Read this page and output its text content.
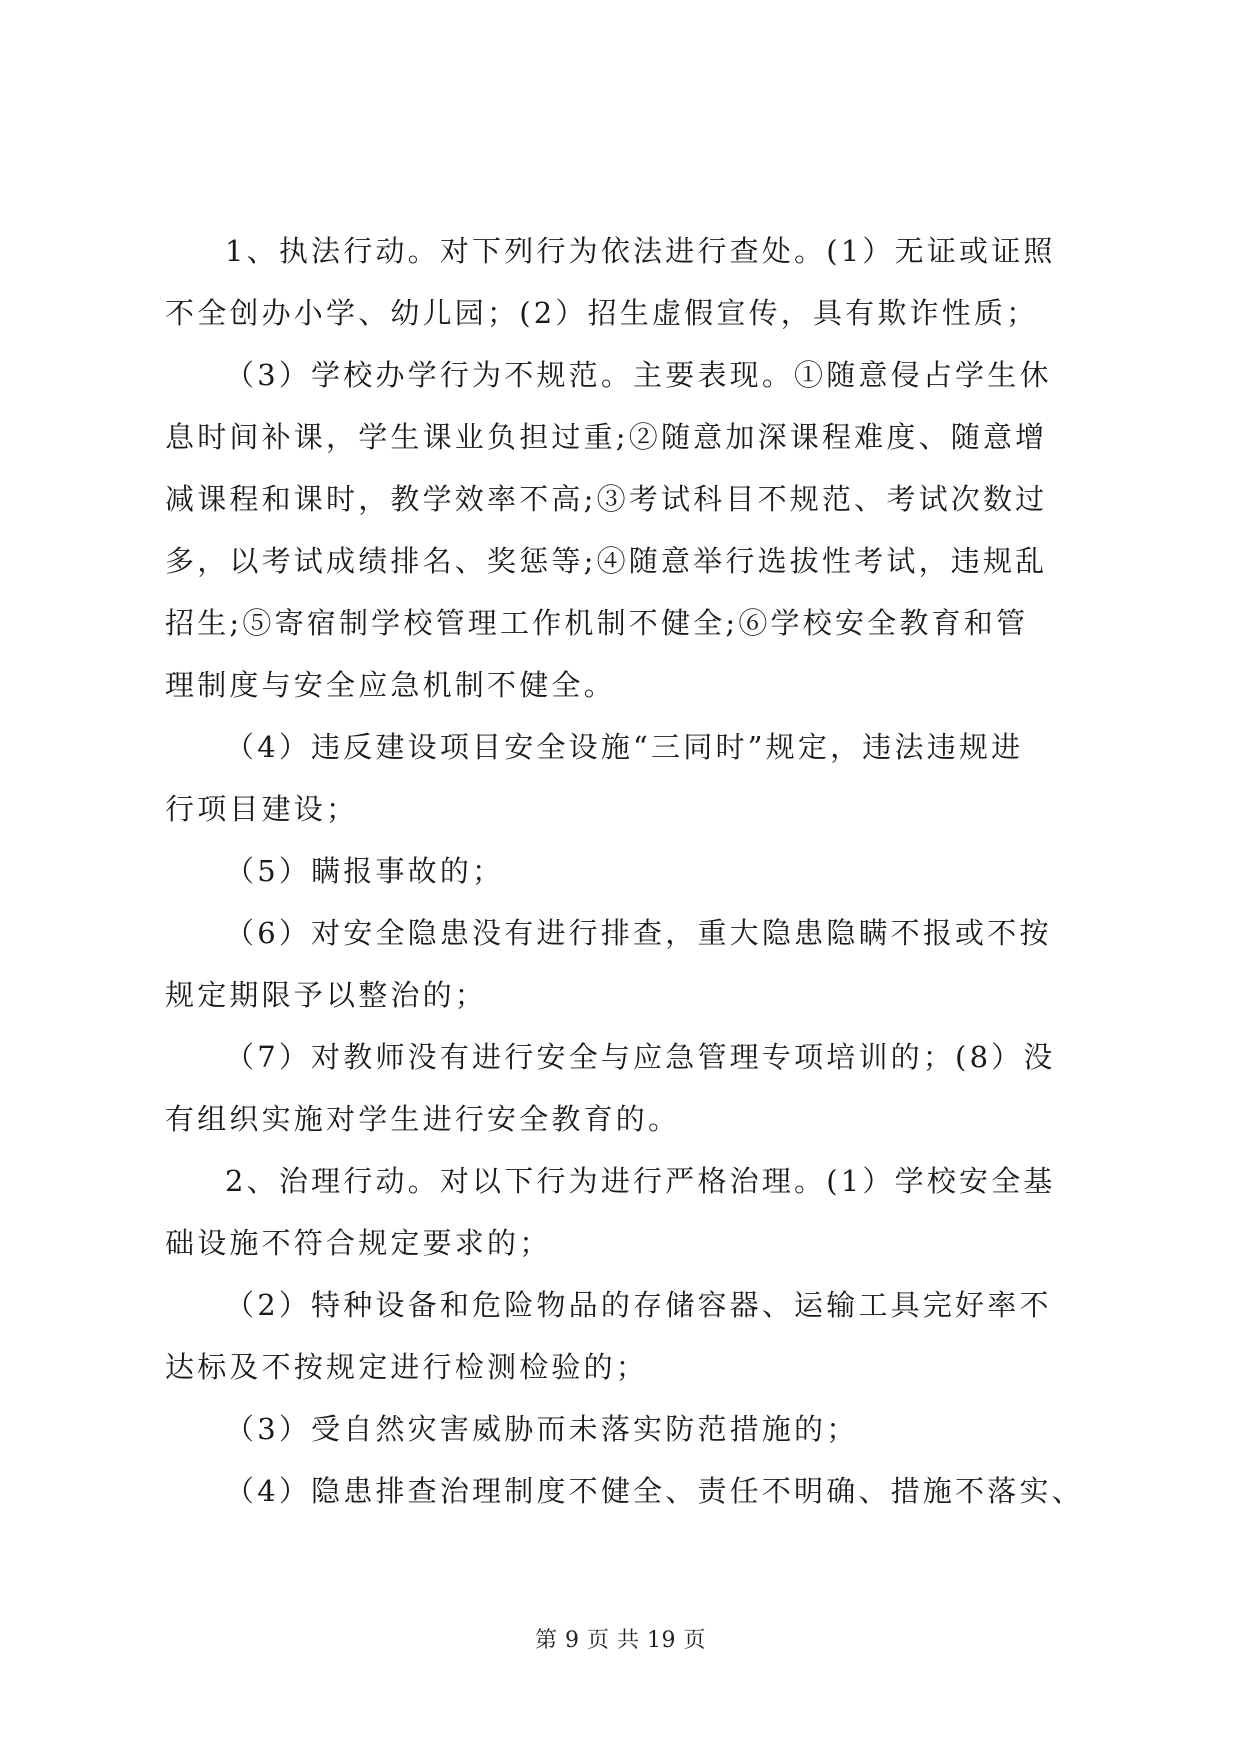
1、执法行动。对下列行为依法进行查处。(1）无证或证照
不全创办小学、幼儿园；(2）招生虚假宣传，具有欺诈性质；
（3）学校办学行为不规范。主要表现。①随意侵占学生休
息时间补课，学生课业负担过重;②随意加深课程难度、随意增
减课程和课时，教学效率不高;③考试科目不规范、考试次数过
多，以考试成绩排名、奖惩等;④随意举行选拔性考试，违规乱
招生;⑤寄宿制学校管理工作机制不健全;⑥学校安全教育和管
理制度与安全应急机制不健全。
（4）违反建设项目安全设施“三同时”规定，违法违规进
行项目建设；
（5）瞒报事故的；
（6）对安全隐患没有进行排查，重大隐患隐瞒不报或不按
规定期限予以整治的；
（7）对教师没有进行安全与应急管理专项培训的；(8）没
有组织实施对学生进行安全教育的。
2、治理行动。对以下行为进行严格治理。(1）学校安全基
础设施不符合规定要求的；
（2）特种设备和危险物品的存储容器、运输工具完好率不
达标及不按规定进行检测检验的；
（3）受自然灾害威胁而未落实防范措施的；
（4）隐患排查治理制度不健全、责任不明确、措施不落实、
第 9 页 共 19 页
